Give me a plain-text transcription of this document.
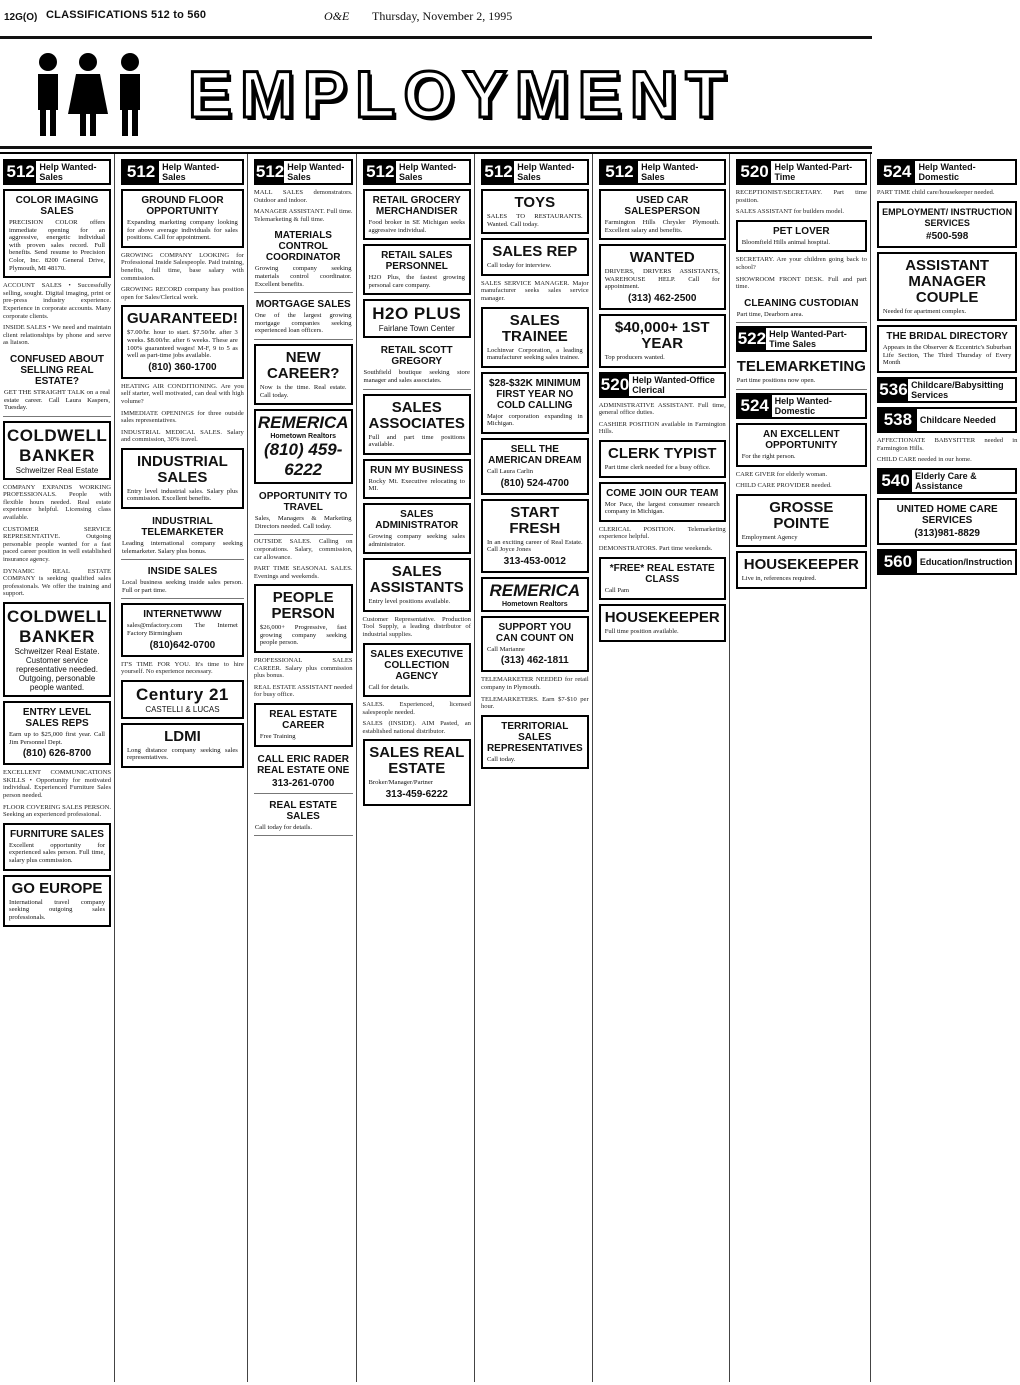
12G(O) CLASSIFICATIONS 512 to 560	O&E Thursday, November 2, 1995
EMPLOYMENT
512 Help Wanted-Sales
COLOR IMAGING SALES
PRECISION COLOR offers immediate opening for an aggressive, energetic individual with proven sales record. Full benefits. Send resume to Precision Color, Inc. 8200 General Drive, Plymouth, MI 48170.

ACCOUNT SALES • Successfully selling, sought. Digital imaging, print or pre-press industry experience. Experience in corporate accounts. Many corporate clients.

INSIDE SALES • We need and maintain client relationships by phone and serve as liaison.

CONFUSED ABOUT SELLING REAL ESTATE?
GET THE STRAIGHT TALK on a real estate career. Call Laura Kaspers, Tuesday.
COLDWELL BANKER
Schweitzer Real Estate

COMPANY EXPANDS WORKING PROFESSIONALS. People with flexible hours needed. Real estate experience helpful. Licensing class available.

CUSTOMER SERVICE REPRESENTATIVE. Outgoing personable people wanted for a fast paced career position in well established insurance agency.

DYNAMIC REAL ESTATE COMPANY is seeking qualified sales professionals. We offer the training and support.

COLDWELL BANKER
Schweitzer Real Estate. Customer service representative needed. Outgoing, personable people wanted.
ENTRY LEVEL SALES REPS
Earn up to $25,000 first year. Call Jim Personnel Dept.
(810) 626-8700

EXCELLENT COMMUNICATIONS SKILLS • Opportunity for motivated individual. Experienced Furniture Sales person needed.

FLOOR COVERING SALES PERSON. Seeking an experienced professional.

FURNITURE SALES
Excellent opportunity for experienced sales person. Full time, salary plus commission.
GO EUROPE
International travel company seeking outgoing sales professionals.
512 Help Wanted-Sales
GROUND FLOOR OPPORTUNITY
Expanding marketing company looking for above average individuals for sales positions. Call for appointment.

GROWING COMPANY LOOKING for Professional Inside Salespeople. Paid training, benefits, full time, base salary with commission.

GROWING RECORD company has position open for Sales/Clerical work.

GUARANTEED!
$7.00/hr. hour to start. $7.50/hr. after 3 weeks. $8.00/hr. after 6 weeks. These are 100% guaranteed wages! M-F, 9 to 5 as well as part-time jobs available.
(810) 360-1700

HEATING AIR CONDITIONING. Are you self starter, well motivated, can deal with high volume?

IMMEDIATE OPENINGS for three outside sales representatives.

INDUSTRIAL MEDICAL SALES. Salary and commission, 30% travel.

INDUSTRIAL SALES
Entry level industrial sales. Salary plus commission. Excellent benefits.
INDUSTRIAL TELEMARKETER
Leading international company seeking telemarketer. Salary plus bonus.
INSIDE SALES
Local business seeking inside sales person. Full or part time.
INTERNETWWW
sales@mfactory.com The Internet Factory Birmingham
(810)642-0700

IT'S TIME FOR YOU. It's time to hire yourself. No experience necessary.

Century 21
CASTELLI & LUCAS
LDMI
Long distance company seeking sales representatives.
512 Help Wanted-Sales

MALL SALES demonstrators. Outdoor and indoor.

MANAGER ASSISTANT. Full time. Telemarketing & full time.

MATERIALS CONTROL COORDINATOR
Growing company seeking materials control coordinator. Excellent benefits.
MORTGAGE SALES
One of the largest growing mortgage companies seeking experienced loan officers.
NEW CAREER?
Now is the time. Real estate. Call today.
REMERICA
Hometown Realtors
(810) 459-6222
OPPORTUNITY TO TRAVEL
Sales, Managers & Marketing Directors needed. Call today.

OUTSIDE SALES. Calling on corporations. Salary, commission, car allowance.

PART TIME SEASONAL SALES. Evenings and weekends.

PEOPLE PERSON
$26,000+ Progressive, fast growing company seeking people person.

PROFESSIONAL SALES CAREER. Salary plus commission plus bonus.

REAL ESTATE ASSISTANT needed for busy office.

REAL ESTATE CAREER
Free Training
CALL ERIC RADER REAL ESTATE ONE
313-261-0700
REAL ESTATE SALES
Call today for details.
512 Help Wanted-Sales
RETAIL GROCERY MERCHANDISER
Food broker in SE Michigan seeks aggressive individual.
RETAIL SALES PERSONNEL
H2O Plus, the fastest growing personal care company.
H2O PLUS
Fairlane Town Center
RETAIL SCOTT GREGORY
Southfield boutique seeking store manager and sales associates.
SALES ASSOCIATES
Full and part time positions available.
RUN MY BUSINESS
Rocky Mt. Executive relocating to MI.
SALES ADMINISTRATOR
Growing company seeking sales administrator.
SALES ASSISTANTS
Entry level positions available.

Customer Representative. Production Tool Supply, a leading distributor of industrial supplies.

SALES EXECUTIVE COLLECTION AGENCY
Call for details.

SALES. Experienced, licensed salespeople needed.

SALES (INSIDE). AIM Pasted, an established national distributor.

SALES REAL ESTATE
Broker/Manager/Partner
313-459-6222
512 Help Wanted-Sales
TOYS
SALES TO RESTAURANTS. Wanted. Call today.
SALES REP
Call today for interview.

SALES SERVICE MANAGER. Major manufacturer seeks sales service manager.

SALES TRAINEE
Lochinvar Corporation, a leading manufacturer seeking sales trainee.
$28-$32K MINIMUM FIRST YEAR NO COLD CALLING
Major corporation expanding in Michigan.
SELL THE AMERICAN DREAM
Call Laura Carlin
(810) 524-4700
START FRESH
In an exciting career of Real Estate. Call Joyce Jones
313-453-0012
REMERICA
Hometown Realtors
SUPPORT YOU CAN COUNT ON
Call Marianne
(313) 462-1811

TELEMARKETER NEEDED for retail company in Plymouth.

TELEMARKETERS. Earn $7-$10 per hour.

TERRITORIAL SALES REPRESENTATIVES
Call today.
512 Help Wanted-Sales
USED CAR SALESPERSON
Farmington Hills Chrysler Plymouth. Excellent salary and benefits.
WANTED
DRIVERS, DRIVERS ASSISTANTS, WAREHOUSE HELP. Call for appointment.
(313) 462-2500
$40,000+ 1ST YEAR
Top producers wanted.
520 Help Wanted-Office Clerical

ADMINISTRATIVE ASSISTANT. Full time, general office duties.

CASHIER POSITION available in Farmington Hills.

CLERK TYPIST
Part time clerk needed for a busy office.
COME JOIN OUR TEAM
Mor Pace, the largest consumer research company in Michigan.

CLERICAL POSITION. Telemarketing experience helpful.

DEMONSTRATORS. Part time weekends.

*FREE* REAL ESTATE CLASS
Call Pam
HOUSEKEEPER
Full time position available.
520 Help Wanted-Part-Time

RECEPTIONIST/SECRETARY. Part time position.

SALES ASSISTANT for builders model.

PET LOVER
Bloomfield Hills animal hospital.

SECRETARY. Are your children going back to school?

SHOWROOM FRONT DESK. Full and part time.

CLEANING CUSTODIAN
Part time, Dearborn area.
522 Help Wanted-Part-Time Sales
TELEMARKETING
Part time positions now open.
524 Help Wanted-Domestic
AN EXCELLENT OPPORTUNITY
For the right person.

CARE GIVER for elderly woman.

CHILD CARE PROVIDER needed.

GROSSE POINTE
Employment Agency
HOUSEKEEPER
Live in, references required.
524 Help Wanted-Domestic

PART TIME child care/housekeeper needed.

EMPLOYMENT/ INSTRUCTION SERVICES
#500-598
ASSISTANT MANAGER COUPLE
Needed for apartment complex.
THE BRIDAL DIRECTORY
Appears in the Observer & Eccentric's Suburban Life Section, The Third Thursday of Every Month
536 Childcare/Babysitting Services
538 Childcare Needed

AFFECTIONATE BABYSITTER needed in Farmington Hills.

CHILD CARE needed in our home.

540 Elderly Care & Assistance
UNITED HOME CARE SERVICES
(313)981-8829
560 Education/Instruction
